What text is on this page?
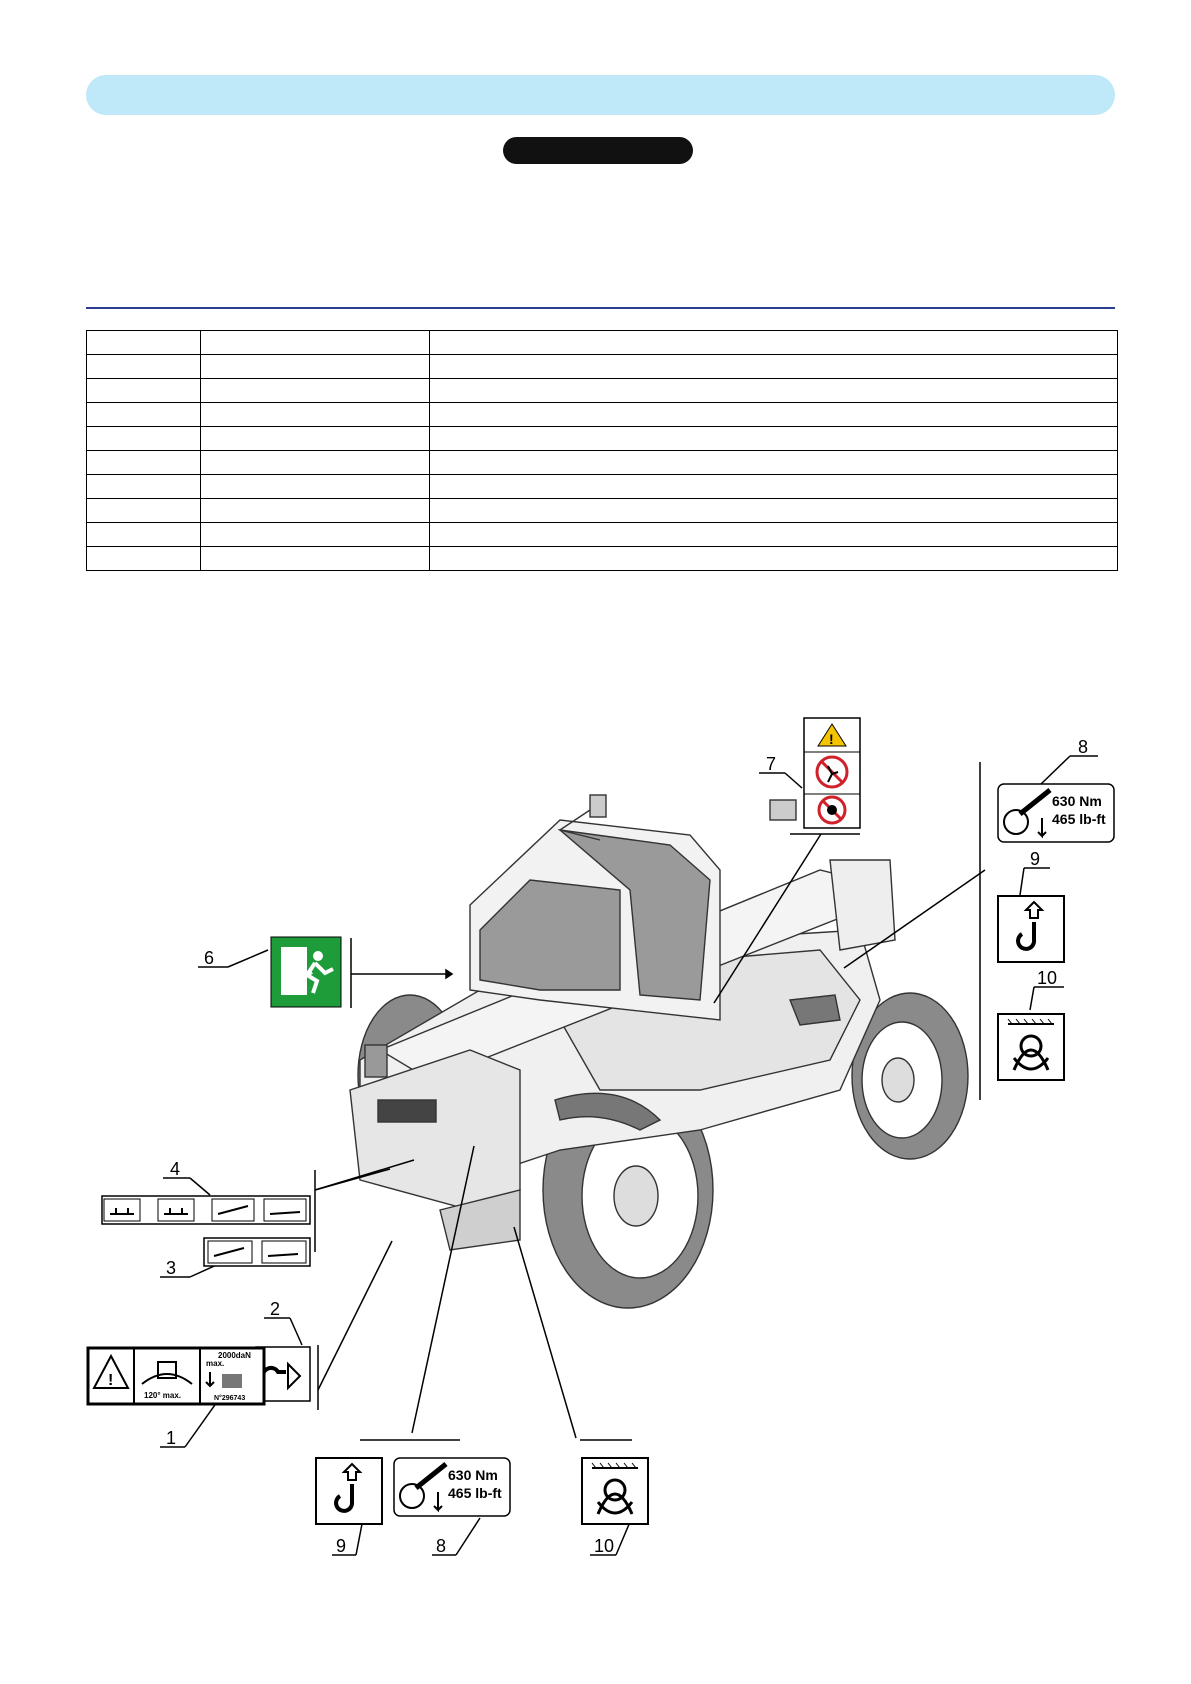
1
2
3
4
6
7
8
9
10
9	8	10
!
630 Nm
465 lb-ft
!
120° max.
2000daN
max.
N°296743
630 Nm
465 lb-ft
